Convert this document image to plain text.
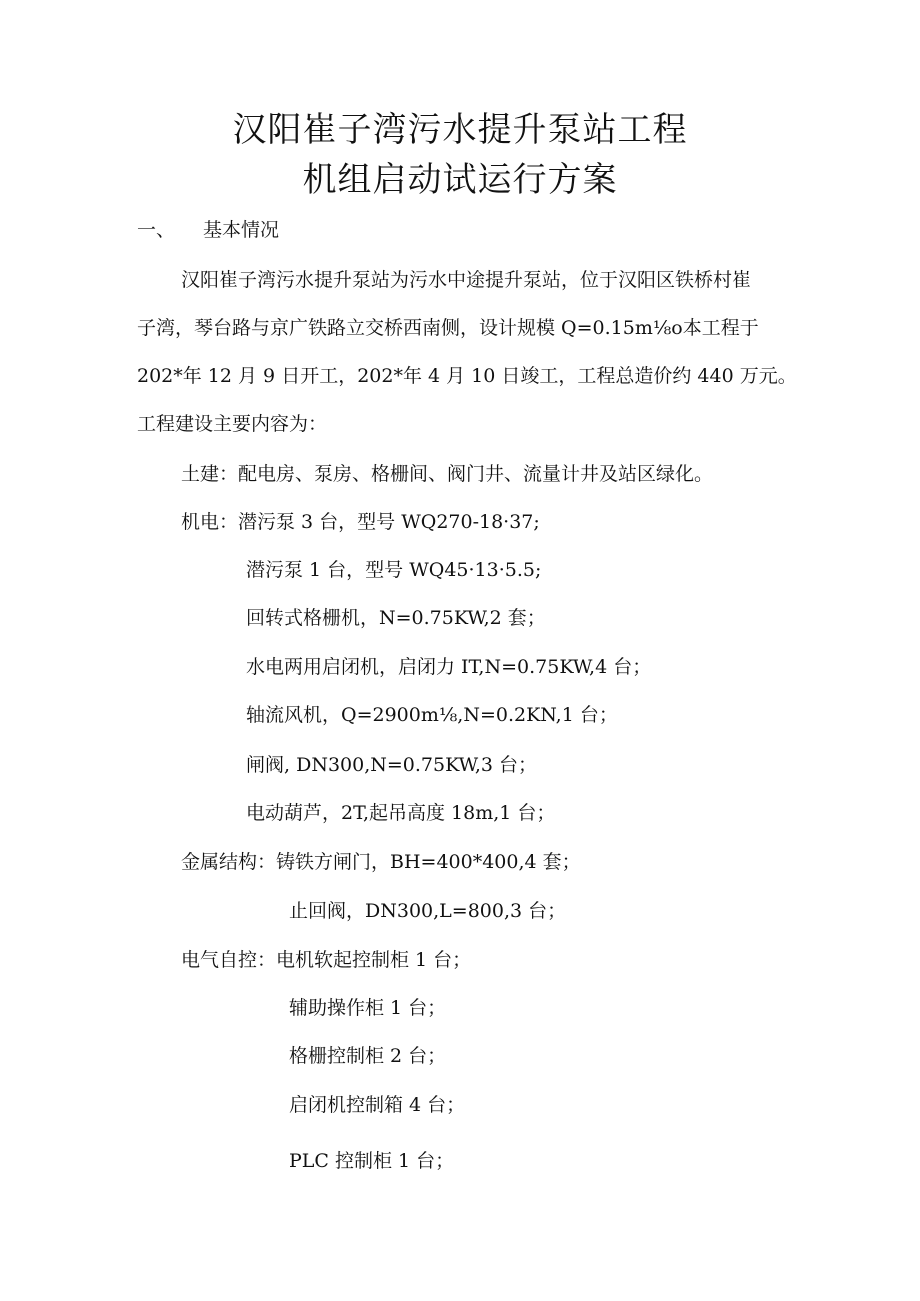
汉阳崔子湾污水提升泵站工程
机组启动试运行方案
一、 基本情况
汉阳崔子湾污水提升泵站为污水中途提升泵站，位于汉阳区铁桥村崔
子湾，琴台路与京广铁路立交桥西南侧，设计规模 Q=0.15m⅛o本工程于
202*年 12 月 9 日开工，202*年 4 月 10 日竣工，工程总造价约 440 万元。
工程建设主要内容为：
土建：配电房、泵房、格栅间、阀门井、流量计井及站区绿化。
机电：潜污泵 3 台，型号 WQ270-18·37;
潜污泵 1 台，型号 WQ45·13·5.5;
回转式格栅机，N=0.75KW,2 套；
水电两用启闭机，启闭力 IT,N=0.75KW,4 台；
轴流风机，Q=2900m⅛,N=0.2KN,1 台；
闸阀, DN300,N=0.75KW,3 台；
电动葫芦，2T,起吊高度 18m,1 台；
金属结构：铸铁方闸门，BH=400*400,4 套；
止回阀，DN300,L=800,3 台；
电气自控：电机软起控制柜 1 台；
辅助操作柜 1 台；
格栅控制柜 2 台；
启闭机控制箱 4 台；
PLC 控制柜 1 台；
